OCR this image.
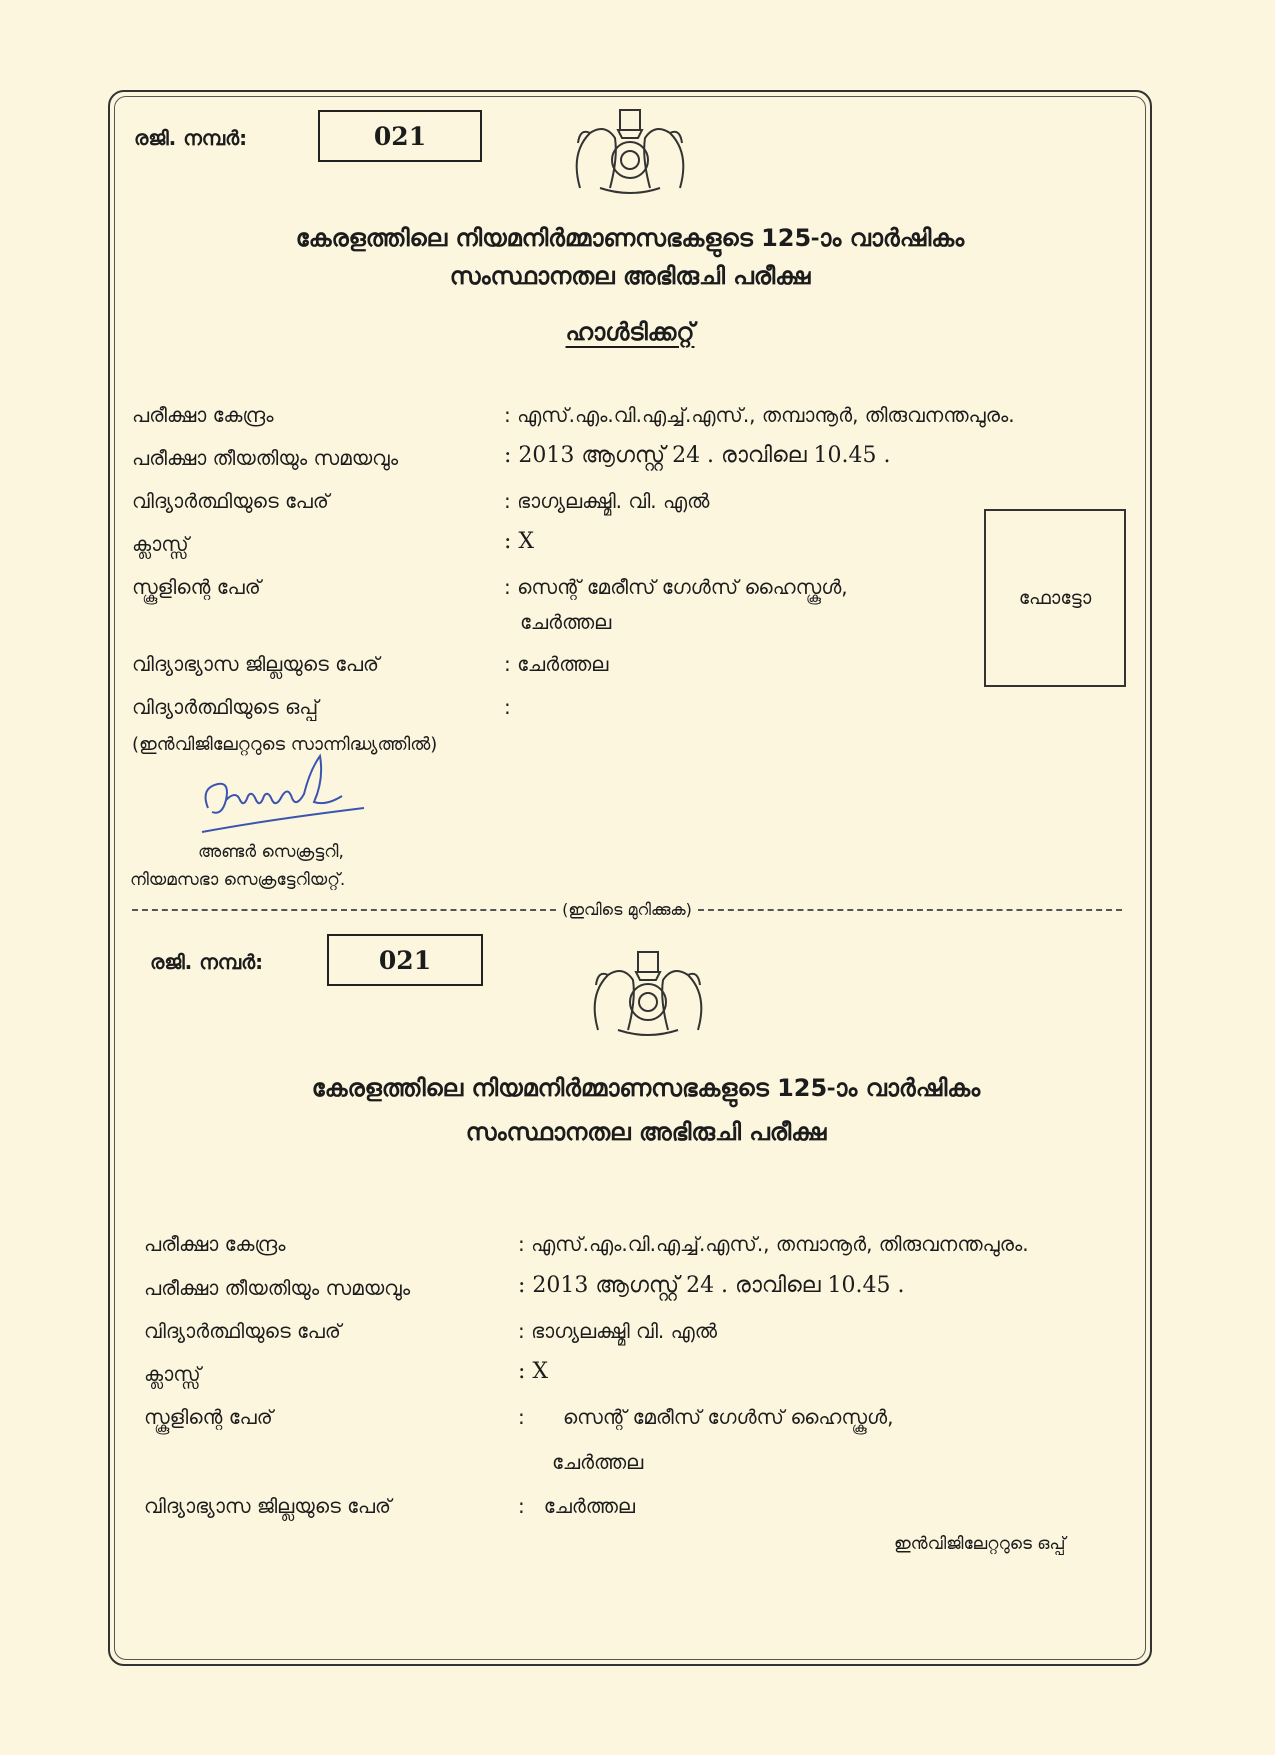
രജി. നമ്പർ:	021
കേരളത്തിലെ നിയമനിർമ്മാണസഭകളുടെ 125-ാം വാർഷികം
സംസ്ഥാനതല അഭിരുചി പരീക്ഷ
ഹാൾടിക്കറ്റ്
പരീക്ഷാ കേന്ദ്രം	: എസ്.എം.വി.എച്ച്.എസ്., തമ്പാനൂർ, തിരുവനന്തപുരം.
പരീക്ഷാ തീയതിയും സമയവും	: 2013 ആഗസ്റ്റ് 24 . രാവിലെ 10.45 .
വിദ്യാർത്ഥിയുടെ പേര്	: ഭാഗ്യലക്ഷ്മി. വി. എൽ
ക്ലാസ്സ്	: X
സ്കൂളിന്റെ പേര്	: സെന്റ് മേരീസ് ഗേൾസ് ഹൈസ്കൂൾ,
ചേർത്തല
വിദ്യാഭ്യാസ ജില്ലയുടെ പേര്	: ചേർത്തല
വിദ്യാർത്ഥിയുടെ ഒപ്പ്	:
(ഇൻവിജിലേറ്ററുടെ സാന്നിദ്ധ്യത്തിൽ)
ഫോട്ടോ
അണ്ടർ സെക്രട്ടറി,
നിയമസഭാ സെക്രട്ടേറിയറ്റ്.
(ഇവിടെ മുറിക്കുക)
രജി. നമ്പർ:	021
കേരളത്തിലെ നിയമനിർമ്മാണസഭകളുടെ 125-ാം വാർഷികം
സംസ്ഥാനതല അഭിരുചി പരീക്ഷ
പരീക്ഷാ കേന്ദ്രം	: എസ്.എം.വി.എച്ച്.എസ്., തമ്പാനൂർ, തിരുവനന്തപുരം.
പരീക്ഷാ തീയതിയും സമയവും	: 2013 ആഗസ്റ്റ് 24 . രാവിലെ 10.45 .
വിദ്യാർത്ഥിയുടെ പേര്	: ഭാഗ്യലക്ഷ്മി വി. എൽ
ക്ലാസ്സ്	: X
സ്കൂളിന്റെ പേര്	:      സെന്റ് മേരീസ് ഗേൾസ് ഹൈസ്കൂൾ,
ചേർത്തല
വിദ്യാഭ്യാസ ജില്ലയുടെ പേര്	:   ചേർത്തല
ഇൻവിജിലേറ്ററുടെ ഒപ്പ്
